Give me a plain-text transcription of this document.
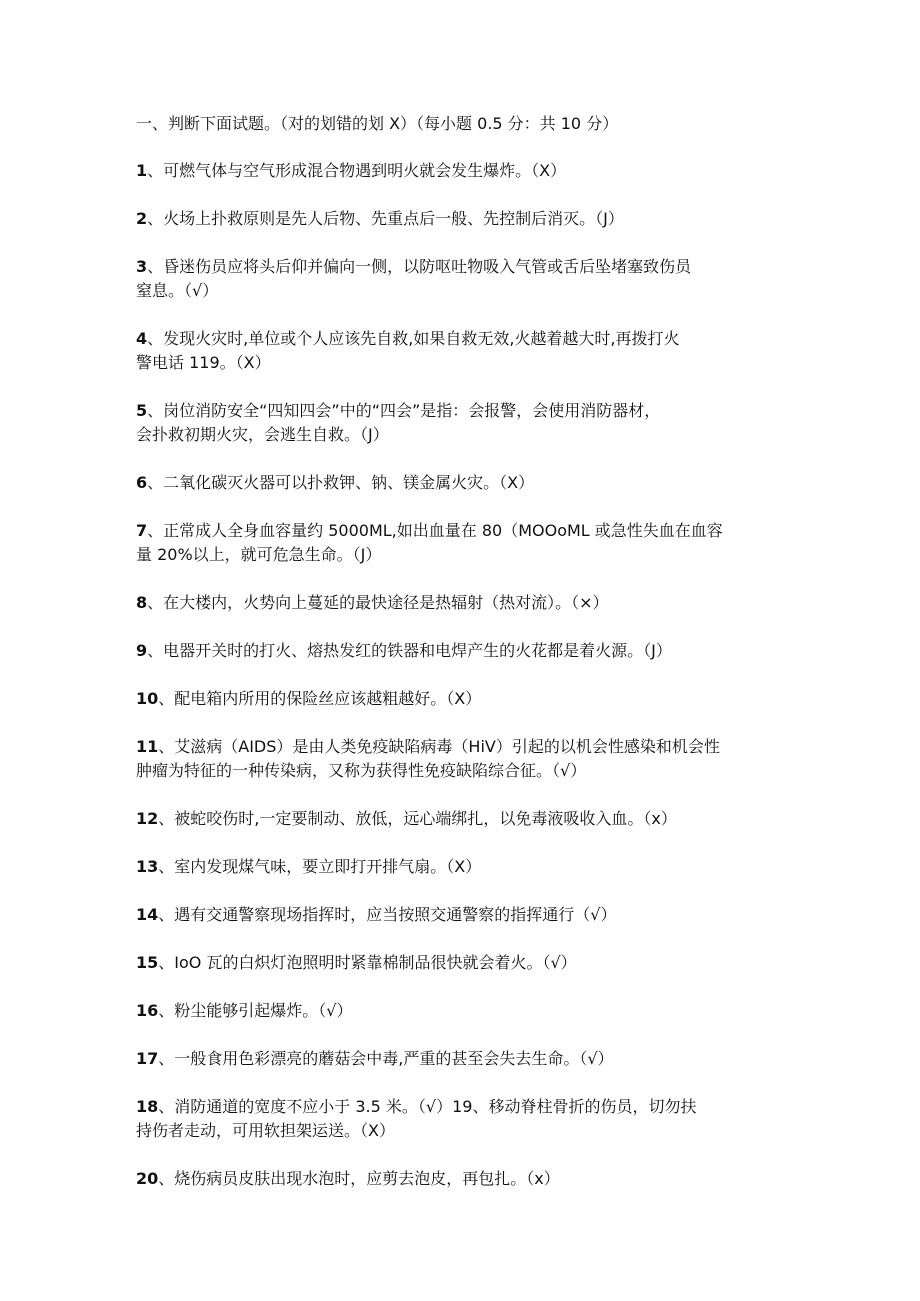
一、判断下面试题。（对的划错的划 X）（每小题 0.5 分：共 10 分）
1、可燃气体与空气形成混合物遇到明火就会发生爆炸。（X）
2、火场上扑救原则是先人后物、先重点后一般、先控制后消灭。（J）
3、昏迷伤员应将头后仰并偏向一侧，以防呕吐物吸入气管或舌后坠堵塞致伤员
窒息。（√）
4、发现火灾时,单位或个人应该先自救,如果自救无效,火越着越大时,再拨打火
警电话 119。（X）
5、岗位消防安全“四知四会”中的“四会”是指：会报警，会使用消防器材，
会扑救初期火灾，会逃生自救。（J）
6、二氧化碳灭火器可以扑救钾、钠、镁金属火灾。（X）
7、正常成人全身血容量约 5000ML,如出血量在 80（MOOoML 或急性失血在血容
量 20%以上，就可危急生命。（J）
8、在大楼内，火势向上蔓延的最快途径是热辐射（热对流）。（×）
9、电器开关时的打火、熔热发红的铁器和电焊产生的火花都是着火源。（J）
10、配电箱内所用的保险丝应该越粗越好。（X）
11、艾滋病（AIDS）是由人类免疫缺陷病毒（HiV）引起的以机会性感染和机会性
肿瘤为特征的一种传染病，又称为获得性免疫缺陷综合征。（√）
12、被蛇咬伤时,一定要制动、放低，远心端绑扎，以免毒液吸收入血。（x）
13、室内发现煤气味，要立即打开排气扇。（X）
14、遇有交通警察现场指挥时，应当按照交通警察的指挥通行（√）
15、IoO 瓦的白炽灯泡照明时紧靠棉制品很快就会着火。（√）
16、粉尘能够引起爆炸。（√）
17、一般食用色彩漂亮的蘑菇会中毒,严重的甚至会失去生命。（√）
18、消防通道的宽度不应小于 3.5 米。（√）19、移动脊柱骨折的伤员，切勿扶
持伤者走动，可用软担架运送。（X）
20、烧伤病员皮肤出现水泡时，应剪去泡皮，再包扎。（x）
